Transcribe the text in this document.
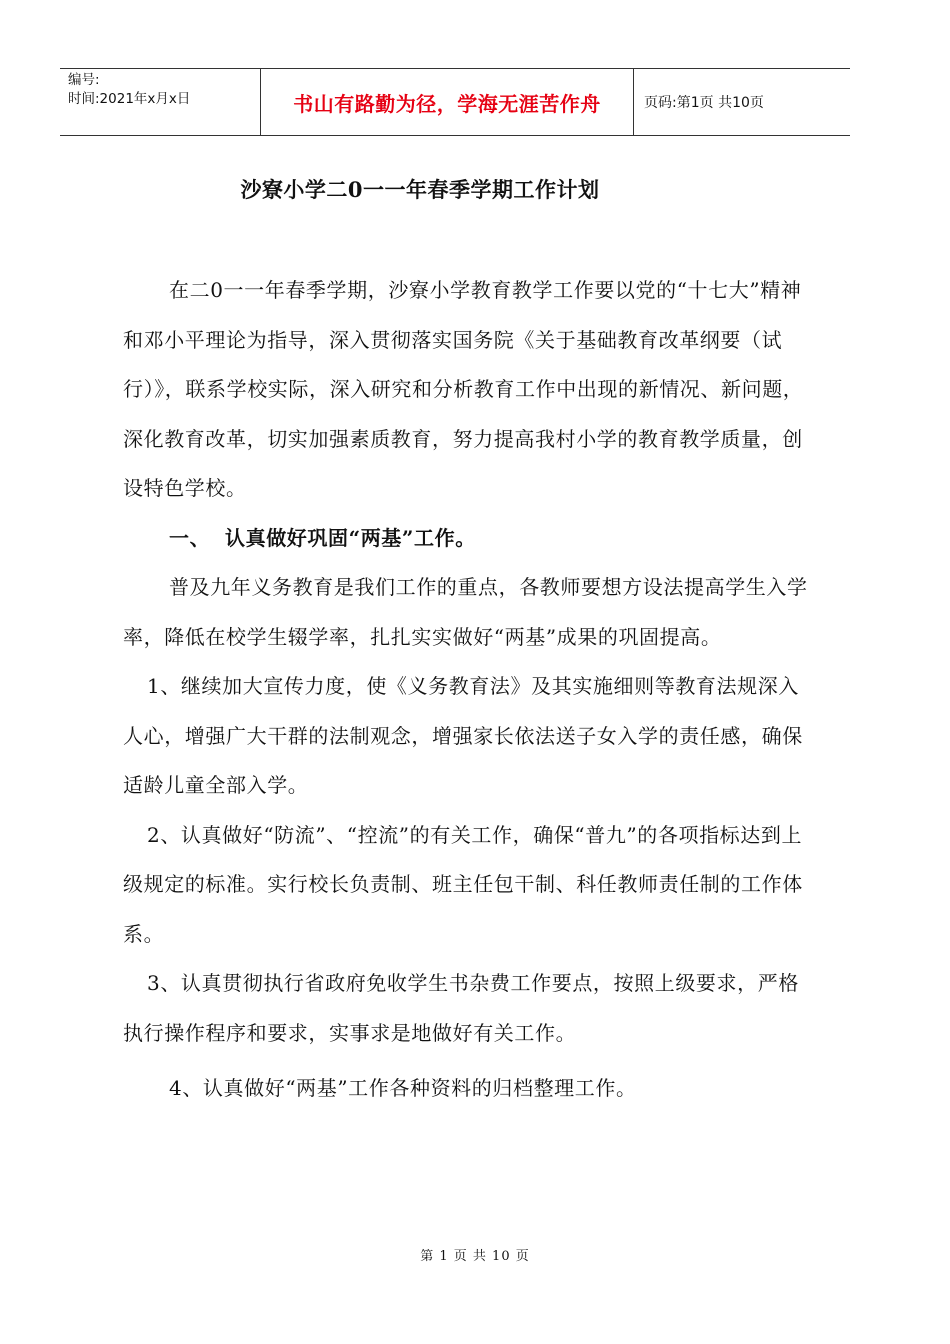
编号:
时间:2021年x月x日	书山有路勤为径，学海无涯苦作舟	页码:第1页 共10页
沙寮小学二0一一年春季学期工作计划

在二0一一年春季学期，沙寮小学教育教学工作要以党的“十七大”精神和邓小平理论为指导，深入贯彻落实国务院《关于基础教育改革纲要（试行）》，联系学校实际，深入研究和分析教育工作中出现的新情况、新问题，深化教育改革，切实加强素质教育，努力提高我村小学的教育教学质量，创设特色学校。

一、 认真做好巩固“两基”工作。

普及九年义务教育是我们工作的重点，各教师要想方设法提高学生入学率，降低在校学生辍学率，扎扎实实做好“两基”成果的巩固提高。

1、继续加大宣传力度，使《义务教育法》及其实施细则等教育法规深入人心，增强广大干群的法制观念，增强家长依法送子女入学的责任感，确保适龄儿童全部入学。

2、认真做好“防流”、“控流”的有关工作，确保“普九”的各项指标达到上级规定的标准。实行校长负责制、班主任包干制、科任教师责任制的工作体系。

3、认真贯彻执行省政府免收学生书杂费工作要点，按照上级要求，严格执行操作程序和要求，实事求是地做好有关工作。

4、认真做好“两基”工作各种资料的归档整理工作。

第 1 页 共 10 页
